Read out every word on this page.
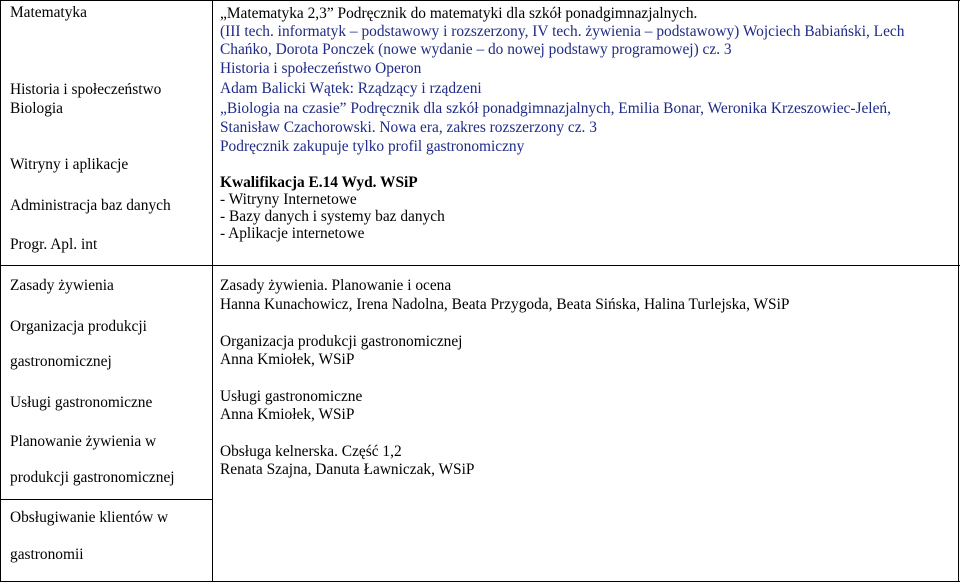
Matematyka
Historia i społeczeństwo
Biologia
Witryny i aplikacje
Administracja baz danych
Progr. Apl. int
Zasady żywienia
Organizacja produkcji
gastronomicznej
Usługi gastronomiczne
Planowanie żywienia w
produkcji gastronomicznej
Obsługiwanie klientów w
gastronomii
„Matematyka 2,3” Podręcznik do matematyki dla szkół ponadgimnazjalnych.
(III tech. informatyk – podstawowy i rozszerzony, IV tech. żywienia – podstawowy) Wojciech Babiański, Lech
Chańko, Dorota Ponczek (nowe wydanie – do nowej podstawy programowej) cz. 3
Historia i społeczeństwo Operon
Adam Balicki Wątek: Rządzący i rządzeni
„Biologia na czasie” Podręcznik dla szkół ponadgimnazjalnych, Emilia Bonar, Weronika Krzeszowiec-Jeleń,
Stanisław Czachorowski. Nowa era, zakres rozszerzony cz. 3
Podręcznik zakupuje tylko profil gastronomiczny
Kwalifikacja E.14 Wyd. WSiP
- Witryny Internetowe
- Bazy danych i systemy baz danych
- Aplikacje internetowe
Zasady żywienia. Planowanie i ocena
Hanna Kunachowicz, Irena Nadolna, Beata Przygoda, Beata Sińska, Halina Turlejska, WSiP
Organizacja produkcji gastronomicznej
Anna Kmiołek, WSiP
Usługi gastronomiczne
Anna Kmiołek, WSiP
Obsługa kelnerska. Część 1,2
Renata Szajna, Danuta Ławniczak, WSiP
